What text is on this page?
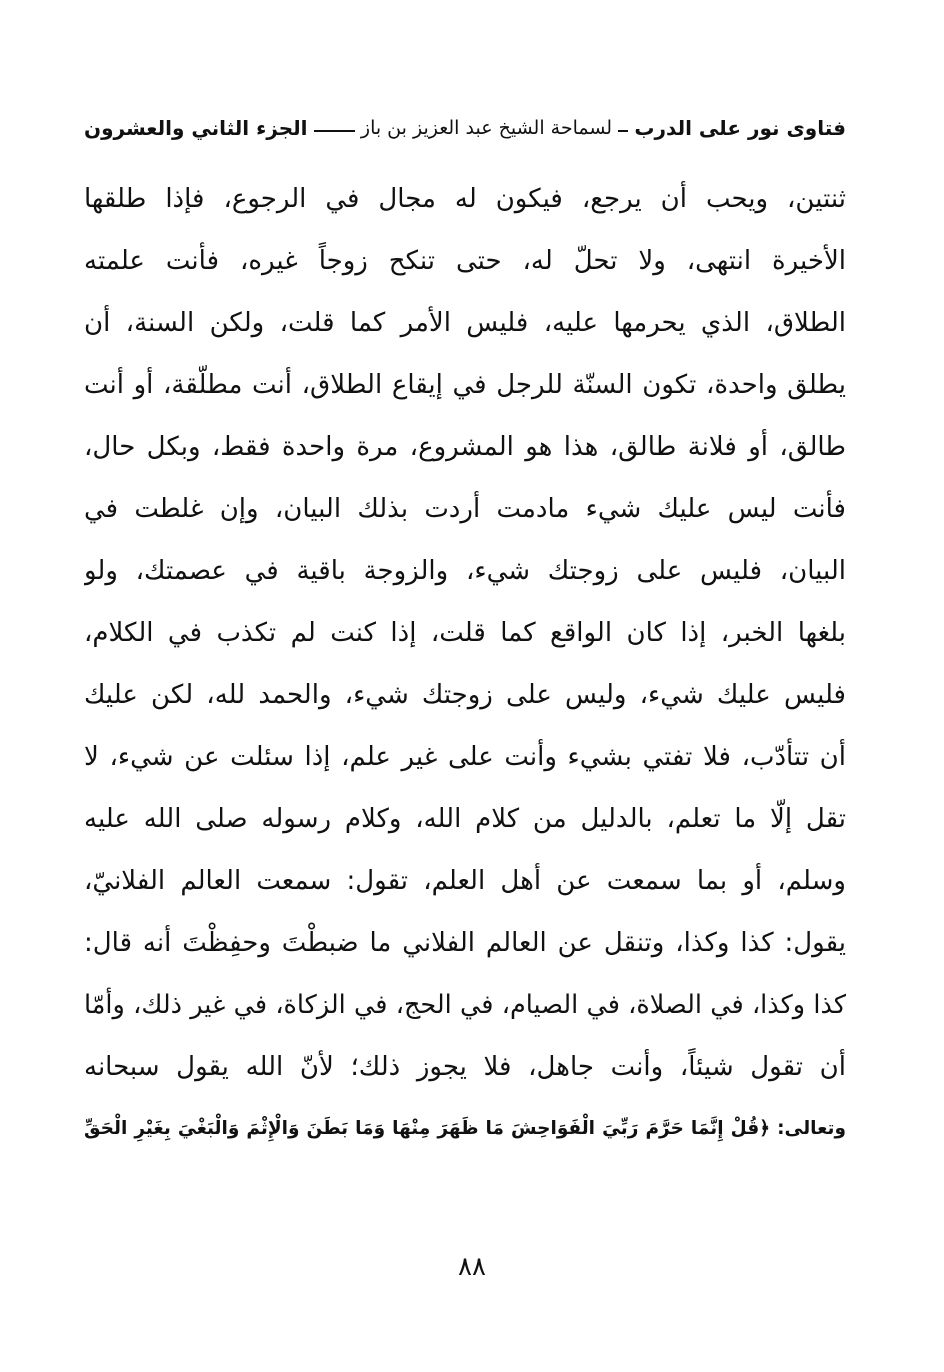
فتاوى نور على الدرب
لسماحة الشيخ عبد العزيز بن باز
الجزء الثاني والعشرون
ثنتين، ويحب أن يرجع، فيكون له مجال في الرجوع، فإذا طلقها
الأخيرة انتهى، ولا تحلّ له، حتى تنكح زوجاً غيره، فأنت علمته
الطلاق، الذي يحرمها عليه، فليس الأمر كما قلت، ولكن السنة، أن
يطلق واحدة، تكون السنّة للرجل في إيقاع الطلاق، أنت مطلّقة، أو أنت
طالق، أو فلانة طالق، هذا هو المشروع، مرة واحدة فقط، وبكل حال،
فأنت ليس عليك شيء مادمت أردت بذلك البيان، وإن غلطت في
البيان، فليس على زوجتك شيء، والزوجة باقية في عصمتك، ولو
بلغها الخبر، إذا كان الواقع كما قلت، إذا كنت لم تكذب في الكلام،
فليس عليك شيء، وليس على زوجتك شيء، والحمد لله، لكن عليك
أن تتأدّب، فلا تفتي بشيء وأنت على غير علم، إذا سئلت عن شيء، لا
تقل إلّا ما تعلم، بالدليل من كلام الله، وكلام رسوله صلى الله عليه
وسلم، أو بما سمعت عن أهل العلم، تقول: سمعت العالم الفلانيّ،
يقول: كذا وكذا، وتنقل عن العالم الفلاني ما ضبطْتَ وحفِظْتَ أنه قال:
كذا وكذا، في الصلاة، في الصيام، في الحج، في الزكاة، في غير ذلك، وأمّا
أن تقول شيئاً، وأنت جاهل، فلا يجوز ذلك؛ لأنّ الله يقول سبحانه
وتعالى: ﴿قُلْ إِنَّمَا حَرَّمَ رَبِّيَ الْفَوَاحِشَ مَا ظَهَرَ مِنْهَا وَمَا بَطَنَ وَالْإِثْمَ وَالْبَغْيَ بِغَيْرِ الْحَقِّ
٨٨
